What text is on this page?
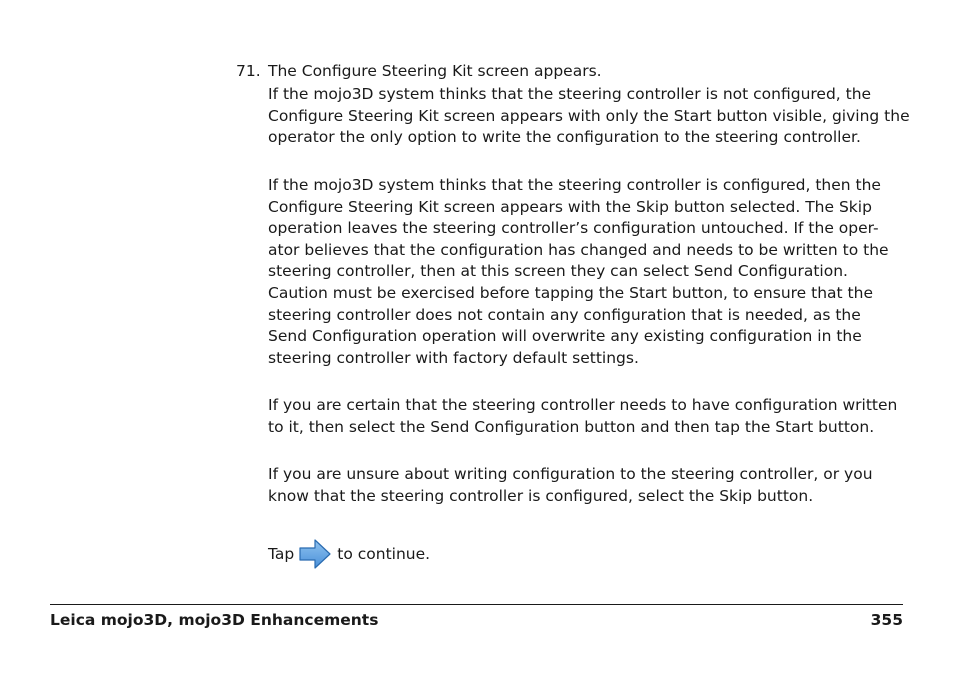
71. The Configure Steering Kit screen appears.

If the mojo3D system thinks that the steering controller is not configured, the
Configure Steering Kit screen appears with only the Start button visible, giving the
operator the only option to write the configuration to the steering controller.

If the mojo3D system thinks that the steering controller is configured, then the
Configure Steering Kit screen appears with the Skip button selected. The Skip
operation leaves the steering controller’s configuration untouched. If the oper-
ator believes that the configuration has changed and needs to be written to the
steering controller, then at this screen they can select Send Configuration.
Caution must be exercised before tapping the Start button, to ensure that the
steering controller does not contain any configuration that is needed, as the
Send Configuration operation will overwrite any existing configuration in the
steering controller with factory default settings.

If you are certain that the steering controller needs to have configuration written
to it, then select the Send Configuration button and then tap the Start button.

If you are unsure about writing configuration to the steering controller, or you
know that the steering controller is configured, select the Skip button.

Tap	to continue.
Leica mojo3D, mojo3D Enhancements	355
